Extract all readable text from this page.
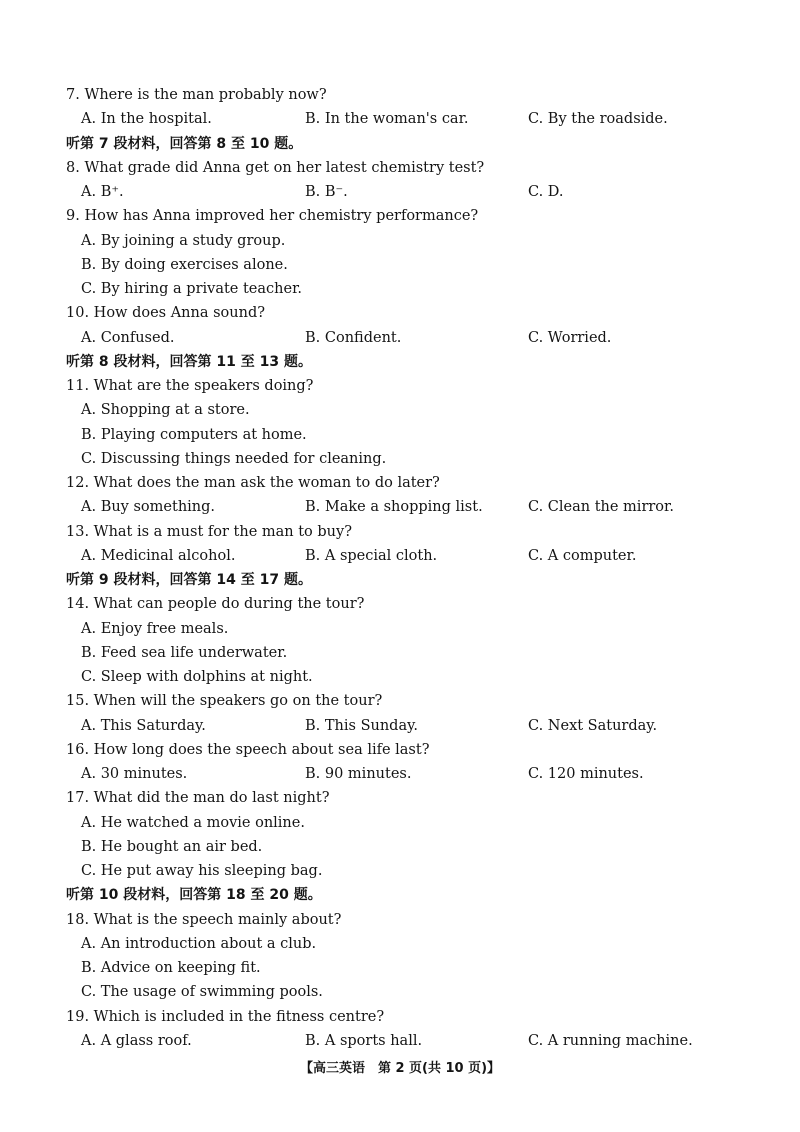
7. Where is the man probably now?
A. In the hospital.	B. In the woman's car.	C. By the roadside.
听第 7 段材料，回答第 8 至 10 题。
8. What grade did Anna get on her latest chemistry test?
A. B⁺.	B. B⁻.	C. D.
9. How has Anna improved her chemistry performance?
A. By joining a study group.
B. By doing exercises alone.
C. By hiring a private teacher.
10. How does Anna sound?
A. Confused.	B. Confident.	C. Worried.
听第 8 段材料，回答第 11 至 13 题。
11. What are the speakers doing?
A. Shopping at a store.
B. Playing computers at home.
C. Discussing things needed for cleaning.
12. What does the man ask the woman to do later?
A. Buy something.	B. Make a shopping list.	C. Clean the mirror.
13. What is a must for the man to buy?
A. Medicinal alcohol.	B. A special cloth.	C. A computer.
听第 9 段材料，回答第 14 至 17 题。
14. What can people do during the tour?
A. Enjoy free meals.
B. Feed sea life underwater.
C. Sleep with dolphins at night.
15. When will the speakers go on the tour?
A. This Saturday.	B. This Sunday.	C. Next Saturday.
16. How long does the speech about sea life last?
A. 30 minutes.	B. 90 minutes.	C. 120 minutes.
17. What did the man do last night?
A. He watched a movie online.
B. He bought an air bed.
C. He put away his sleeping bag.
听第 10 段材料，回答第 18 至 20 题。
18. What is the speech mainly about?
A. An introduction about a club.
B. Advice on keeping fit.
C. The usage of swimming pools.
19. Which is included in the fitness centre?
A. A glass roof.	B. A sports hall.	C. A running machine.
【高三英语　第 2 页(共 10 页)】
